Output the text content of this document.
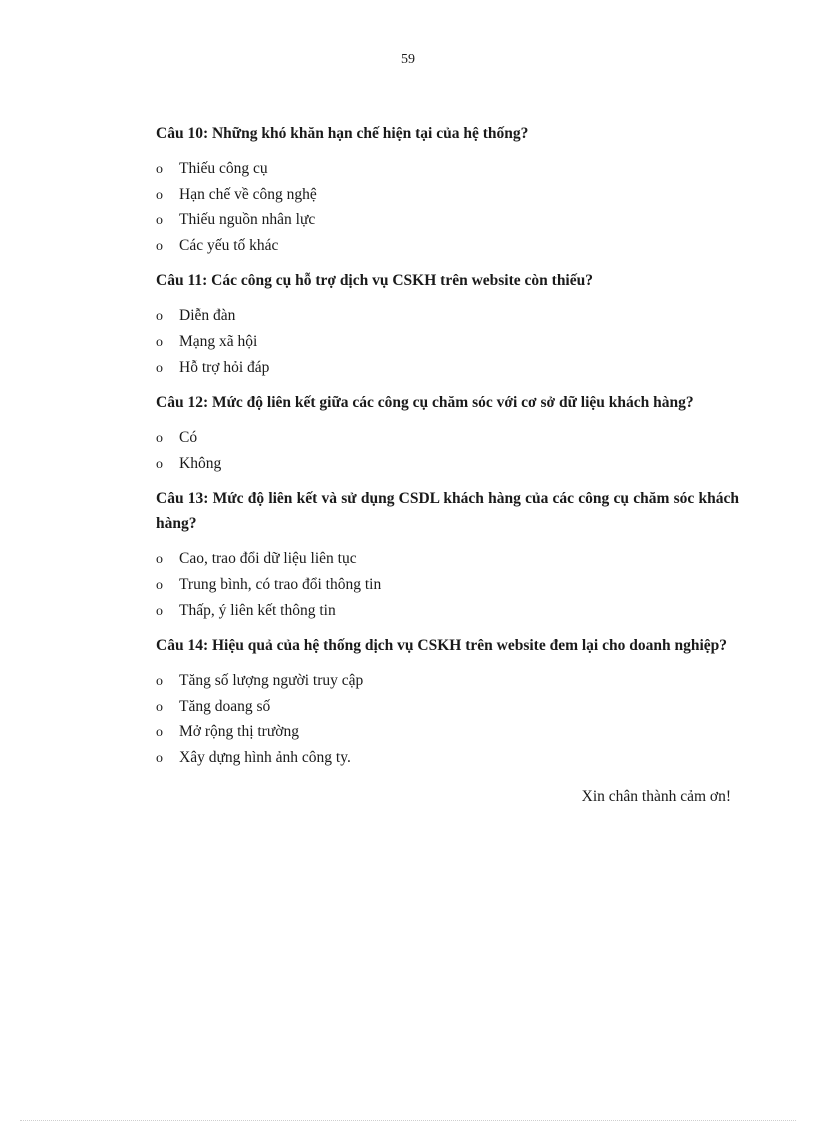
59

Câu 10: Những khó khăn hạn chế hiện tại của hệ thống?

o	Thiếu công cụ
o	Hạn chế về công nghệ
o	Thiếu nguồn nhân lực
o	Các yếu tố khác

Câu 11: Các công cụ hỗ trợ dịch vụ CSKH trên website còn thiếu?

o	Diễn đàn
o	Mạng xã hội
o	Hỗ trợ hỏi đáp

Câu 12: Mức độ liên kết giữa các công cụ chăm sóc với cơ sở dữ liệu khách hàng?

o	Có
o	Không

Câu 13: Mức độ liên kết và sử dụng CSDL khách hàng của các công cụ chăm sóc khách hàng?

o	Cao, trao đổi dữ liệu liên tục
o	Trung bình, có trao đổi thông tin
o	Thấp, ý liên kết thông tin

Câu 14: Hiệu quả của hệ thống dịch vụ CSKH trên website đem lại cho doanh nghiệp?

o	Tăng số lượng người truy cập
o	Tăng doang số
o	Mở rộng thị trường
o	Xây dựng hình ảnh công ty.
Xin chân thành cảm ơn!
